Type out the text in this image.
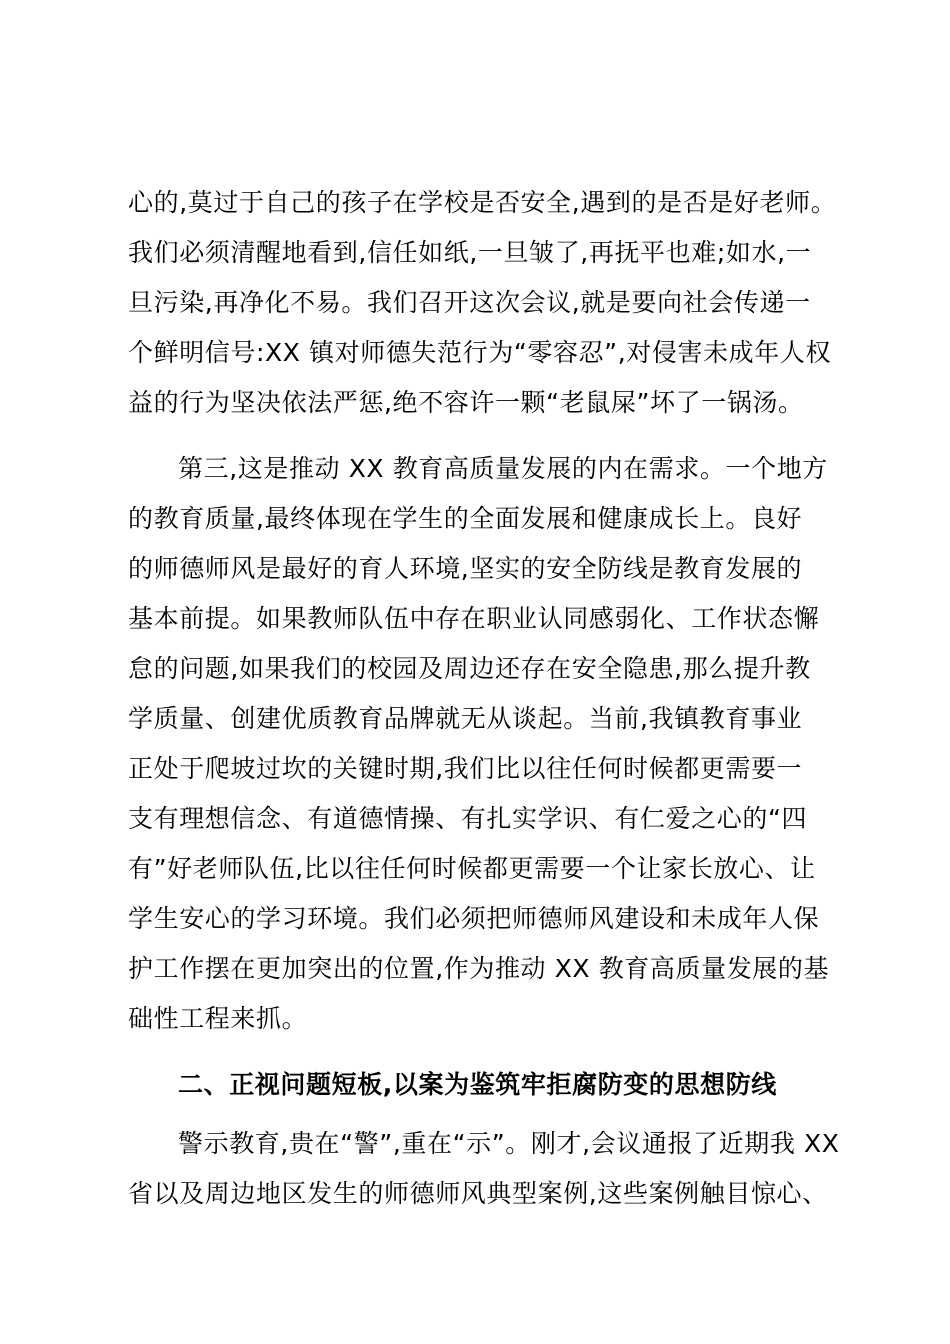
心的,莫过于自己的孩子在学校是否安全,遇到的是否是好老师。
我们必须清醒地看到,信任如纸,一旦皱了,再抚平也难;如水,一
旦污染,再净化不易。我们召开这次会议,就是要向社会传递一
个鲜明信号:XX 镇对师德失范行为“零容忍”,对侵害未成年人权
益的行为坚决依法严惩,绝不容许一颗“老鼠屎”坏了一锅汤。
第三,这是推动 XX 教育高质量发展的内在需求。一个地方
的教育质量,最终体现在学生的全面发展和健康成长上。良好
的师德师风是最好的育人环境,坚实的安全防线是教育发展的
基本前提。如果教师队伍中存在职业认同感弱化、工作状态懈
怠的问题,如果我们的校园及周边还存在安全隐患,那么提升教
学质量、创建优质教育品牌就无从谈起。当前,我镇教育事业
正处于爬坡过坎的关键时期,我们比以往任何时候都更需要一
支有理想信念、有道德情操、有扎实学识、有仁爱之心的“四
有”好老师队伍,比以往任何时候都更需要一个让家长放心、让
学生安心的学习环境。我们必须把师德师风建设和未成年人保
护工作摆在更加突出的位置,作为推动 XX 教育高质量发展的基
础性工程来抓。
二、正视问题短板,以案为鉴筑牢拒腐防变的思想防线
警示教育,贵在“警”,重在“示”。刚才,会议通报了近期我 XX
省以及周边地区发生的师德师风典型案例,这些案例触目惊心、
